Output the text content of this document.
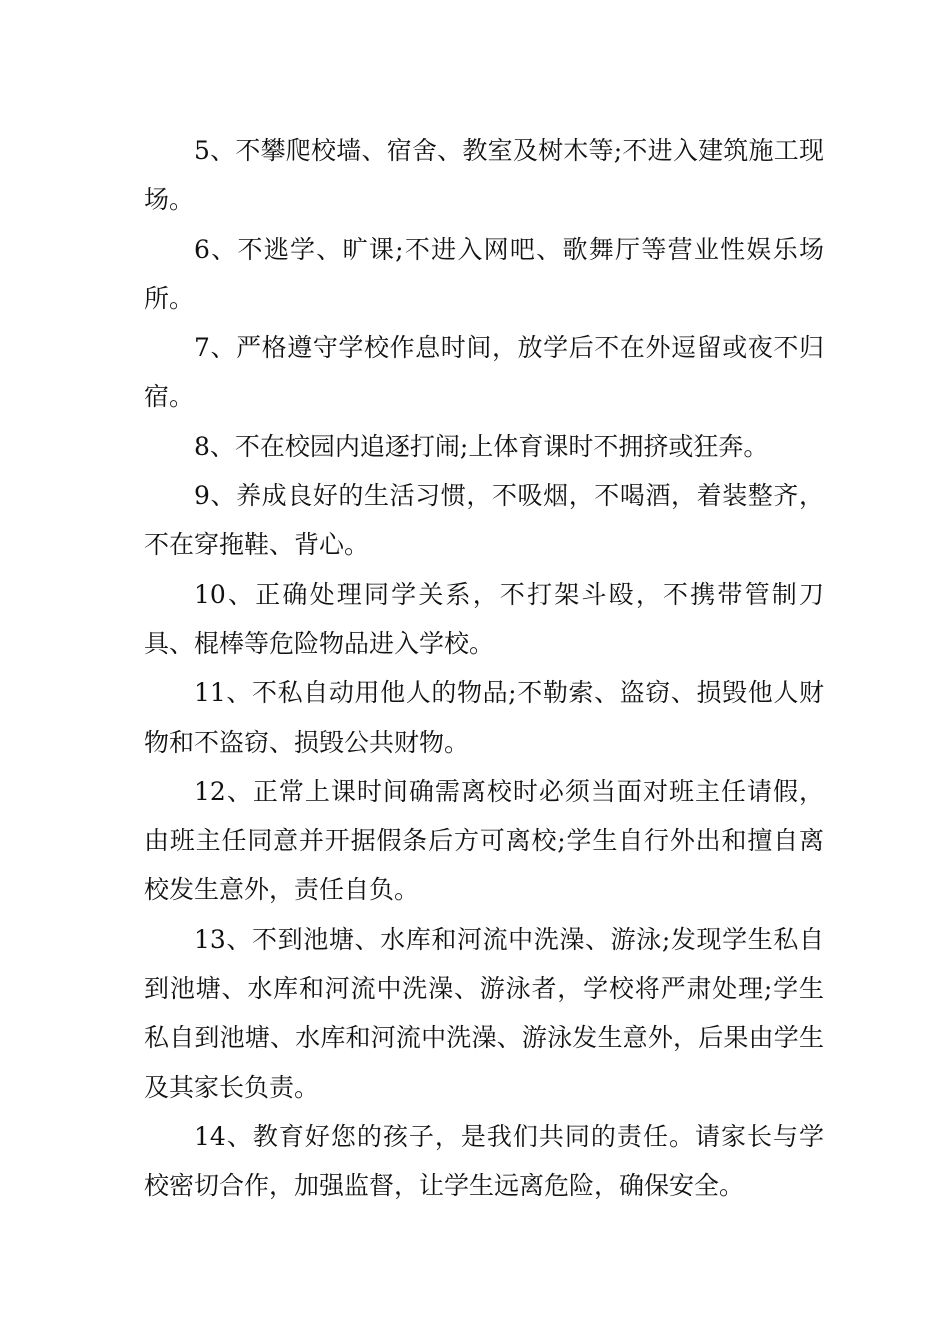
5、不攀爬校墙、宿舍、教室及树木等;不进入建筑施工现场。

6、不逃学、旷课;不进入网吧、歌舞厅等营业性娱乐场所。

7、严格遵守学校作息时间，放学后不在外逗留或夜不归宿。

8、不在校园内追逐打闹;上体育课时不拥挤或狂奔。

9、养成良好的生活习惯，不吸烟，不喝酒，着装整齐，不在穿拖鞋、背心。

10、正确处理同学关系，不打架斗殴，不携带管制刀具、棍棒等危险物品进入学校。

11、不私自动用他人的物品;不勒索、盗窃、损毁他人财物和不盗窃、损毁公共财物。

12、正常上课时间确需离校时必须当面对班主任请假，由班主任同意并开据假条后方可离校;学生自行外出和擅自离校发生意外，责任自负。

13、不到池塘、水库和河流中洗澡、游泳;发现学生私自到池塘、水库和河流中洗澡、游泳者，学校将严肃处理;学生私自到池塘、水库和河流中洗澡、游泳发生意外，后果由学生及其家长负责。

14、教育好您的孩子，是我们共同的责任。请家长与学校密切合作，加强监督，让学生远离危险，确保安全。
